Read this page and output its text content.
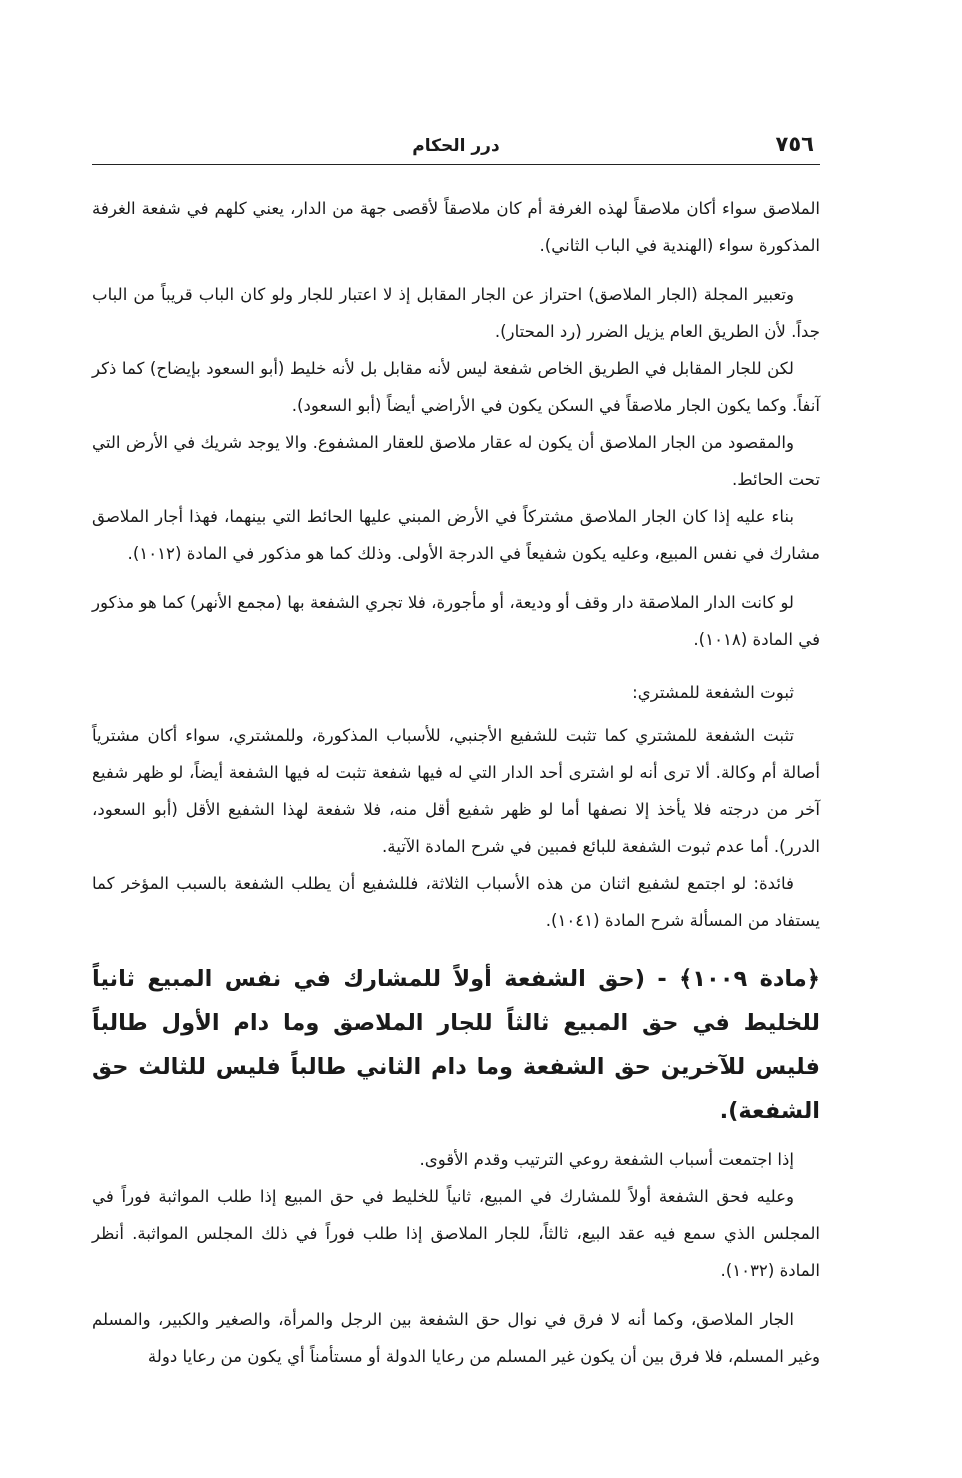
٧٥٦
درر الحكام

الملاصق سواء أكان ملاصقاً لهذه الغرفة أم كان ملاصقاً لأقصى جهة من الدار، يعني كلهم في شفعة الغرفة المذكورة سواء (الهندية في الباب الثاني).

وتعبير المجلة (الجار الملاصق) احتراز عن الجار المقابل إذ لا اعتبار للجار ولو كان الباب قريباً من الباب جداً. لأن الطريق العام يزيل الضرر (رد المحتار).

لكن للجار المقابل في الطريق الخاص شفعة ليس لأنه مقابل بل لأنه خليط (أبو السعود بإيضاح) كما ذكر آنفاً. وكما يكون الجار ملاصقاً في السكن يكون في الأراضي أيضاً (أبو السعود).

والمقصود من الجار الملاصق أن يكون له عقار ملاصق للعقار المشفوع. والا يوجد شريك في الأرض التي تحت الحائط.

بناء عليه إذا كان الجار الملاصق مشتركاً في الأرض المبني عليها الحائط التي بينهما، فهذا أجار الملاصق مشارك في نفس المبيع، وعليه يكون شفيعاً في الدرجة الأولى. وذلك كما هو مذكور في المادة (١٠١٢).

لو كانت الدار الملاصقة دار وقف أو وديعة، أو مأجورة، فلا تجري الشفعة بها (مجمع الأنهر) كما هو مذكور في المادة (١٠١٨).

ثبوت الشفعة للمشتري:

تثبت الشفعة للمشتري كما تثبت للشفيع الأجنبي، للأسباب المذكورة، وللمشتري، سواء أكان مشترياً أصالة أم وكالة. ألا ترى أنه لو اشترى أحد الدار التي له فيها شفعة تثبت له فيها الشفعة أيضاً، لو ظهر شفيع آخر من درجته فلا يأخذ إلا نصفها أما لو ظهر شفيع أقل منه، فلا شفعة لهذا الشفيع الأقل (أبو السعود، الدرر). أما عدم ثبوت الشفعة للبائع فمبين في شرح المادة الآتية.

فائدة: لو اجتمع لشفيع اثنان من هذه الأسباب الثلاثة، فللشفيع أن يطلب الشفعة بالسبب المؤخر كما يستفاد من المسألة شرح المادة (١٠٤١).

﴿مادة ١٠٠٩﴾ - (حق الشفعة أولاً للمشارك في نفس المبيع ثانياً للخليط في حق المبيع ثالثاً للجار الملاصق وما دام الأول طالباً فليس للآخرين حق الشفعة وما دام الثاني طالباً فليس للثالث حق الشفعة).

إذا اجتمعت أسباب الشفعة روعي الترتيب وقدم الأقوى.

وعليه فحق الشفعة أولاً للمشارك في المبيع، ثانياً للخليط في حق المبيع إذا طلب المواثبة فوراً في المجلس الذي سمع فيه عقد البيع، ثالثاً، للجار الملاصق إذا طلب فوراً في ذلك المجلس المواثبة. أنظر المادة (١٠٣٢).

الجار الملاصق، وكما أنه لا فرق في نوال حق الشفعة بين الرجل والمرأة، والصغير والكبير، والمسلم وغير المسلم، فلا فرق بين أن يكون غير المسلم من رعايا الدولة أو مستأمناً أي يكون من رعايا دولة
